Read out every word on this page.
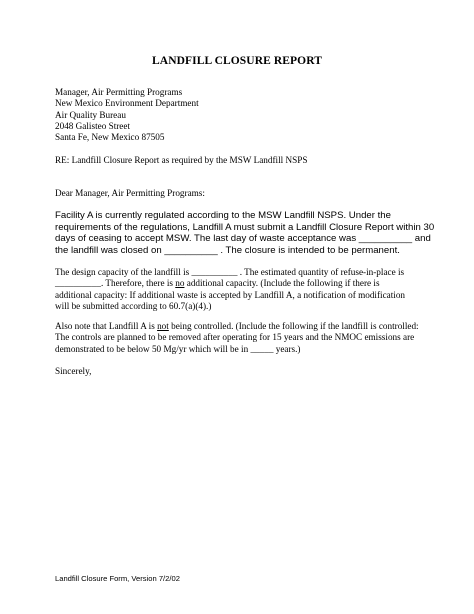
LANDFILL CLOSURE REPORT
Manager, Air Permitting Programs
New Mexico Environment Department
Air Quality Bureau
2048 Galisteo Street
Santa Fe, New Mexico 87505
RE: Landfill Closure Report as required by the MSW Landfill NSPS
Dear Manager, Air Permitting Programs:
Facility A is currently regulated according to the MSW Landfill NSPS. Under the
requirements of the regulations, Landfill A must submit a Landfill Closure Report within 30
days of ceasing to accept MSW. The last day of waste acceptance was __________ and
the landfill was closed on __________ . The closure is intended to be permanent.
The design capacity of the landfill is __________ . The estimated quantity of refuse-in-place is
__________. Therefore, there is no additional capacity. (Include the following if there is
additional capacity: If additional waste is accepted by Landfill A, a notification of modification
will be submitted according to 60.7(a)(4).)
Also note that Landfill A is not being controlled. (Include the following if the landfill is controlled:
The controls are planned to be removed after operating for 15 years and the NMOC emissions are
demonstrated to be below 50 Mg/yr which will be in _____ years.)
Sincerely,
Landfill Closure Form, Version 7/2/02
